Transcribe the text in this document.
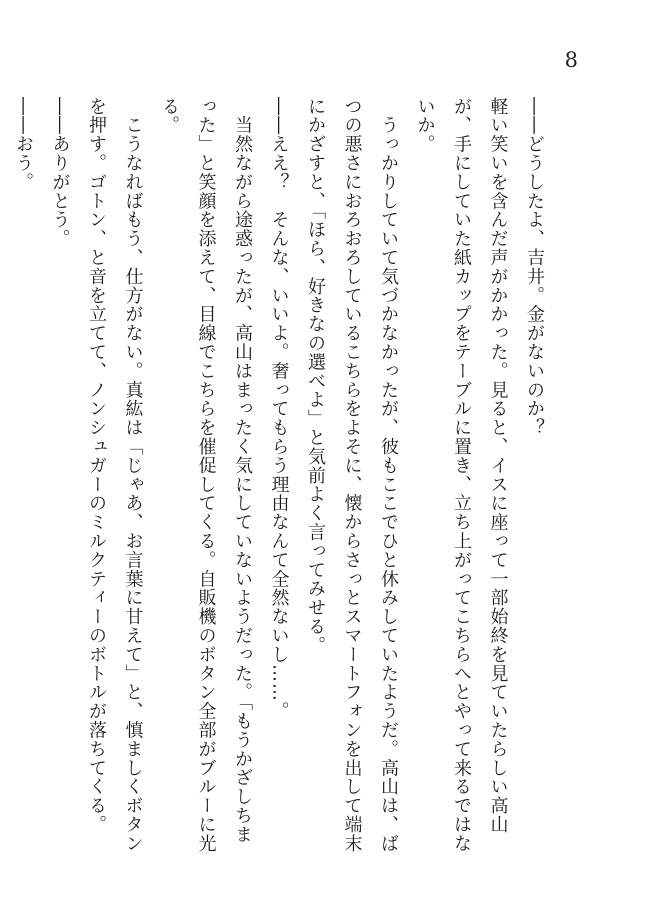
8

――どうしたよ、吉井。金がないのか？

軽い笑いを含んだ声がかかった。見ると、イスに座って一部始終を見ていたらしい高山が、手にしていた紙カップをテーブルに置き、立ち上がってこちらへとやって来るではないか。

　うっかりしていて気づかなかったが、彼もここでひと休みしていたようだ。高山は、ばつの悪さにおろおろしているこちらをよそに、懐からさっとスマートフォンを出して端末にかざすと、「ほら、好きなの選べよ」と気前よく言ってみせる。

――ええ？　そんな、いいよ。奢ってもらう理由なんて全然ないし……。

　当然ながら途惑ったが、高山はまったく気にしていないようだった。「もうかざしちまった」と笑顔を添えて、目線でこちらを催促してくる。自販機のボタン全部がブルーに光る。

　こうなればもう、仕方がない。真紘は「じゃあ、お言葉に甘えて」と、慎ましくボタンを押す。ゴトン、と音を立てて、ノンシュガーのミルクティーのボトルが落ちてくる。

――ありがとう。

――おう。
